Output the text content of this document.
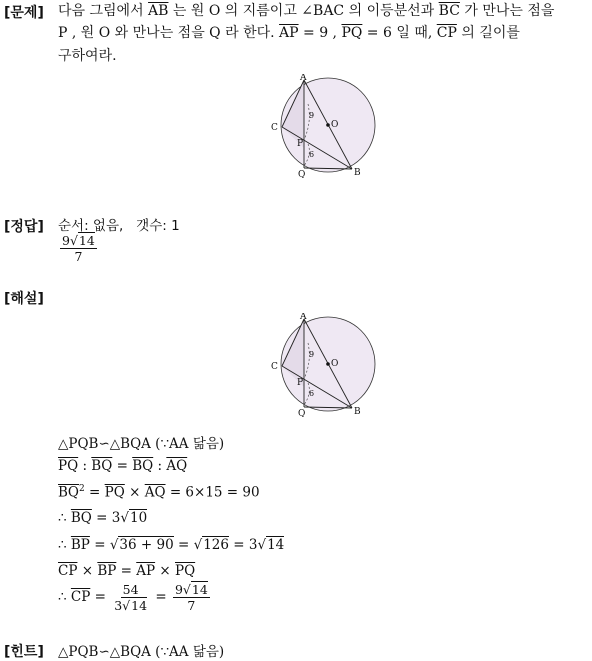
[문제] 다음 그림에서 $\overline{AB}$ 는 원 O 의 지름이고 ∠BAC 의 이등분선과 $\overline{BC}$ 가 만나는 점을
P , 원 O 와 만나는 점을 Q 라 한다. $\overline{AP} = 9$ , $\overline{PQ} = 6$ 일 때, $\overline{CP}$ 의 길이를
구하여라.
A
B
C	O
P
Q
9
6
[정답] 순서: 없음,   갯수: 1
$\frac{9√14}{7}$
[해설]
A
B
C	O
P
Q
9
6
△PQB∽△BQA (∵AA 닮음)
$\overline{PQ}$ : $\overline{BQ} = \overline{BQ}$ : $\overline{AQ}$
$\overline{BQ}^2 = \overline{PQ} \times \overline{AQ} = 6\times 15 = 90$
∴ $\overline{BQ} = 3√10$
∴ $\overline{BP} = √36 + 90 = √126 = 3√14$
$\overline{CP} \times \overline{BP} = \overline{AP} \times \overline{PQ}$
∴ $\overline{CP} = \frac{54}{3√14} = \frac{9√14}{7}$
[힌트] △PQB∽△BQA (∵AA 닮음)
